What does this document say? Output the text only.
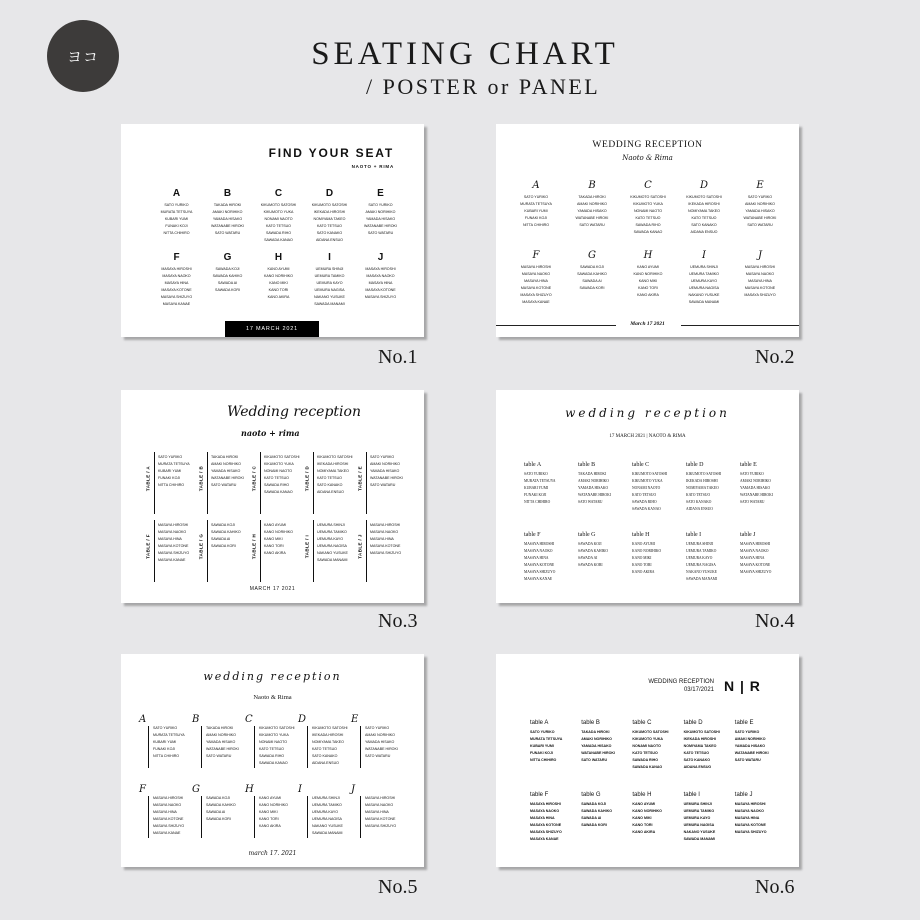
ヨコ	SEATING CHART
/ POSTER or PANEL
FIND YOUR SEAT
NAOTO + RIMA
A
SATO YURIKO
MURATA TETSUYA
KUBARI YUMI
FUNAKI KOJI
NITTA CHIHIRO
B
TAKADA HIROKI
AMAKI NORIHIKO
YAMADA HISAKO
WATANABE HIROKI
SATO WATARU
C
KIKUMOTO SATOSHI
KIKUMOTO YUKA
NONAMI NAOTO
KATO TETSUO
SAWADA RIHO
SAWADA KANAO
D
KIKUMOTO SATOSHI
IKEKADA HIROSHI
NOMIYAMA TAKEO
KATO TETSUO
SATO KANAKO
AIDANA ENSUO
E
SATO YURIKO
AMAKI NORIHIKO
YAMADA HISAKO
WATANABE HIROKI
SATO WATARU
F
MASAYA HIROSHI
MASAYA NAOKO
MASAYA HINA
MASAYA KOTONE
MASAYA SHIZUYO
MASAYA KANAE
G
SAWADA KOJI
SAWADA KAHIKO
SAWADA AI
SAWADA KORI
H
KANO AYUMI
KANO NORIHIKO
KANO MIKI
KANO TORI
KANO AKIRA
I
UEMURA SHINJI
UEMURA TAMIKO
UEMURA KAYO
UEMURA NAGISA
NAKANO YUSUKE
SAWADA MANAMI
J
MASAYA HIROSHI
MASAYA NAOKO
MASAYA HINA
MASAYA KOTONE
MASAYA SHIZUYO
17 MARCH 2021
No.1
WEDDING RECEPTION
Naoto & Rima
A
SATO YURIKO
MURATA TETSUYA
KUBARI YUMI
FUNAKI KOJI
NITTA CHIHIRO
B
TAKADA HIROKI
AMAKI NORIHIKO
YAMADA HISAKO
WATANABE HIROKI
SATO WATARU
C
KIKUMOTO SATOSHI
KIKUMOTO YUKA
NONAMI NAOTO
KATO TETSUO
SAWADA RIHO
SAWADA KANAO
D
KIKUMOTO SATOSHI
IKEKADA HIROSHI
NOMIYAMA TAKEO
KATO TETSUO
SATO KANAKO
AIDANA ENSUO
E
SATO YURIKO
AMAKI NORIHIKO
YAMADA HISAKO
WATANABE HIROKI
SATO WATARU
F
MASAYA HIROSHI
MASAYA NAOKO
MASAYA HINA
MASAYA KOTONE
MASAYA SHIZUYO
MASAYA KANAE
G
SAWADA KOJI
SAWADA KAHIKO
SAWADA AI
SAWADA KORI
H
KANO AYUMI
KANO NORIHIKO
KANO MIKI
KANO TORI
KANO AKIRA
I
UEMURA SHINJI
UEMURA TAMIKO
UEMURA KAYO
UEMURA NAGISA
NAKANO YUSUKE
SAWADA MANAMI
J
MASAYA HIROSHI
MASAYA NAOKO
MASAYA HINA
MASAYA KOTONE
MASAYA SHIZUYO
March 17 2021
No.2
Wedding reception
naoto + rima
TABLE / A
SATO YURIKO
MURATA TETSUYA
KUBARI YUMI
FUNAKI KOJI
NITTA CHIHIRO	TABLE / B
TAKADA HIROKI
AMAKI NORIHIKO
YAMADA HISAKO
WATANABE HIROKI
SATO WATARU	TABLE / C
KIKUMOTO SATOSHI
KIKUMOTO YUKA
NONAMI NAOTO
KATO TETSUO
SAWADA RIHO
SAWADA KANAO
TABLE / D
KIKUMOTO SATOSHI
IKEKADA HIROSHI
NOMIYAMA TAKEO
KATO TETSUO
SATO KANAKO
AIDANA ENSUO
TABLE / E
SATO YURIKO
AMAKI NORIHIKO
YAMADA HISAKO
WATANABE HIROKI
SATO WATARU
TABLE / F
MASAYA HIROSHI
MASAYA NAOKO
MASAYA HINA
MASAYA KOTONE
MASAYA SHIZUYO
MASAYA KANAE
TABLE / G
SAWADA KOJI
SAWADA KAHIKO
SAWADA AI
SAWADA KORI	TABLE / H
KANO AYUMI
KANO NORIHIKO
KANO MIKI
KANO TORI
KANO AKIRA	TABLE / I
UEMURA SHINJI
UEMURA TAMIKO
UEMURA KAYO
UEMURA NAGISA
NAKANO YUSUKE
SAWADA MANAMI
TABLE / J
MASAYA HIROSHI
MASAYA NAOKO
MASAYA HINA
MASAYA KOTONE
MASAYA SHIZUYO
MARCH 17 2021
No.3
wedding reception
17 MARCH 2021 | NAOTO & RIMA
table A
SATO YURIKO
MURATA TETSUYA
KUBARI YUMI
FUNAKI KOJI
NITTA CHIHIRO
table B
TAKADA HIROKI
AMAKI NORIHIKO
YAMADA HISAKO
WATANABE HIROKI
SATO WATARU
table C
KIKUMOTO SATOSHI
KIKUMOTO YUKA
NONAMI NAOTO
KATO TETSUO
SAWADA RIHO
SAWADA KANAO
table D
KIKUMOTO SATOSHI
IKEKADA HIROSHI
NOMIYAMA TAKEO
KATO TETSUO
SATO KANAKO
AIDANA ENSUO
table E
SATO YURIKO
AMAKI NORIHIKO
YAMADA HISAKO
WATANABE HIROKI
SATO WATARU
table F
MASAYA HIROSHI
MASAYA NAOKO
MASAYA HINA
MASAYA KOTONE
MASAYA SHIZUYO
MASAYA KANAE
table G
SAWADA KOJI
SAWADA KAHIKO
SAWADA AI
SAWADA KORI
table H
KANO AYUMI
KANO NORIHIKO
KANO MIKI
KANO TORI
KANO AKIRA
table I
UEMURA SHINJI
UEMURA TAMIKO
UEMURA KAYO
UEMURA NAGISA
NAKANO YUSUKE
SAWADA MANAMI
table J
MASAYA HIROSHI
MASAYA NAOKO
MASAYA HINA
MASAYA KOTONE
MASAYA SHIZUYO
No.4
wedding reception
Naoto & Rima
A
SATO YURIKO
MURATA TETSUYA
KUBARI YUMI
FUNAKI KOJI
NITTA CHIHIRO
B
TAKADA HIROKI
AMAKI NORIHIKO
YAMADA HISAKO
WATANABE HIROKI
SATO WATARU
C
KIKUMOTO SATOSHI
KIKUMOTO YUKA
NONAMI NAOTO
KATO TETSUO
SAWADA RIHO
SAWADA KANAO
D
KIKUMOTO SATOSHI
IKEKADA HIROSHI
NOMIYAMA TAKEO
KATO TETSUO
SATO KANAKO
AIDANA ENSUO
E
SATO YURIKO
AMAKI NORIHIKO
YAMADA HISAKO
WATANABE HIROKI
SATO WATARU
F
MASAYA HIROSHI
MASAYA NAOKO
MASAYA HINA
MASAYA KOTONE
MASAYA SHIZUYO
MASAYA KANAE
G
SAWADA KOJI
SAWADA KAHIKO
SAWADA AI
SAWADA KORI
H
KANO AYUMI
KANO NORIHIKO
KANO MIKI
KANO TORI
KANO AKIRA
I
UEMURA SHINJI
UEMURA TAMIKO
UEMURA KAYO
UEMURA NAGISA
NAKANO YUSUKE
SAWADA MANAMI
J
MASAYA HIROSHI
MASAYA NAOKO
MASAYA HINA
MASAYA KOTONE
MASAYA SHIZUYO
march 17. 2021
No.5
WEDDING RECEPTION
03/17/2021 N | R
table A
SATO YURIKO
MURATA TETSUYA
KUBARI YUMI
FUNAKI KOJI
NITTA CHIHIRO
table B
TAKADA HIROKI
AMAKI NORIHIKO
YAMADA HISAKO
WATANABE HIROKI
SATO WATARU
table C
KIKUMOTO SATOSHI
KIKUMOTO YUKA
NONAMI NAOTO
KATO TETSUO
SAWADA RIHO
SAWADA KANAO
table D
KIKUMOTO SATOSHI
IKEKADA HIROSHI
NOMIYAMA TAKEO
KATO TETSUO
SATO KANAKO
AIDANA ENSUO
table E
SATO YURIKO
AMAKI NORIHIKO
YAMADA HISAKO
WATANABE HIROKI
SATO WATARU
table F
MASAYA HIROSHI
MASAYA NAOKO
MASAYA HINA
MASAYA KOTONE
MASAYA SHIZUYO
MASAYA KANAE
table G
SAWADA KOJI
SAWADA KAHIKO
SAWADA AI
SAWADA KORI
table H
KANO AYUMI
KANO NORIHIKO
KANO MIKI
KANO TORI
KANO AKIRA
table I
UEMURA SHINJI
UEMURA TAMIKO
UEMURA KAYO
UEMURA NAGISA
NAKANO YUSUKE
SAWADA MANAMI
table J
MASAYA HIROSHI
MASAYA NAOKO
MASAYA HINA
MASAYA KOTONE
MASAYA SHIZUYO
No.6
